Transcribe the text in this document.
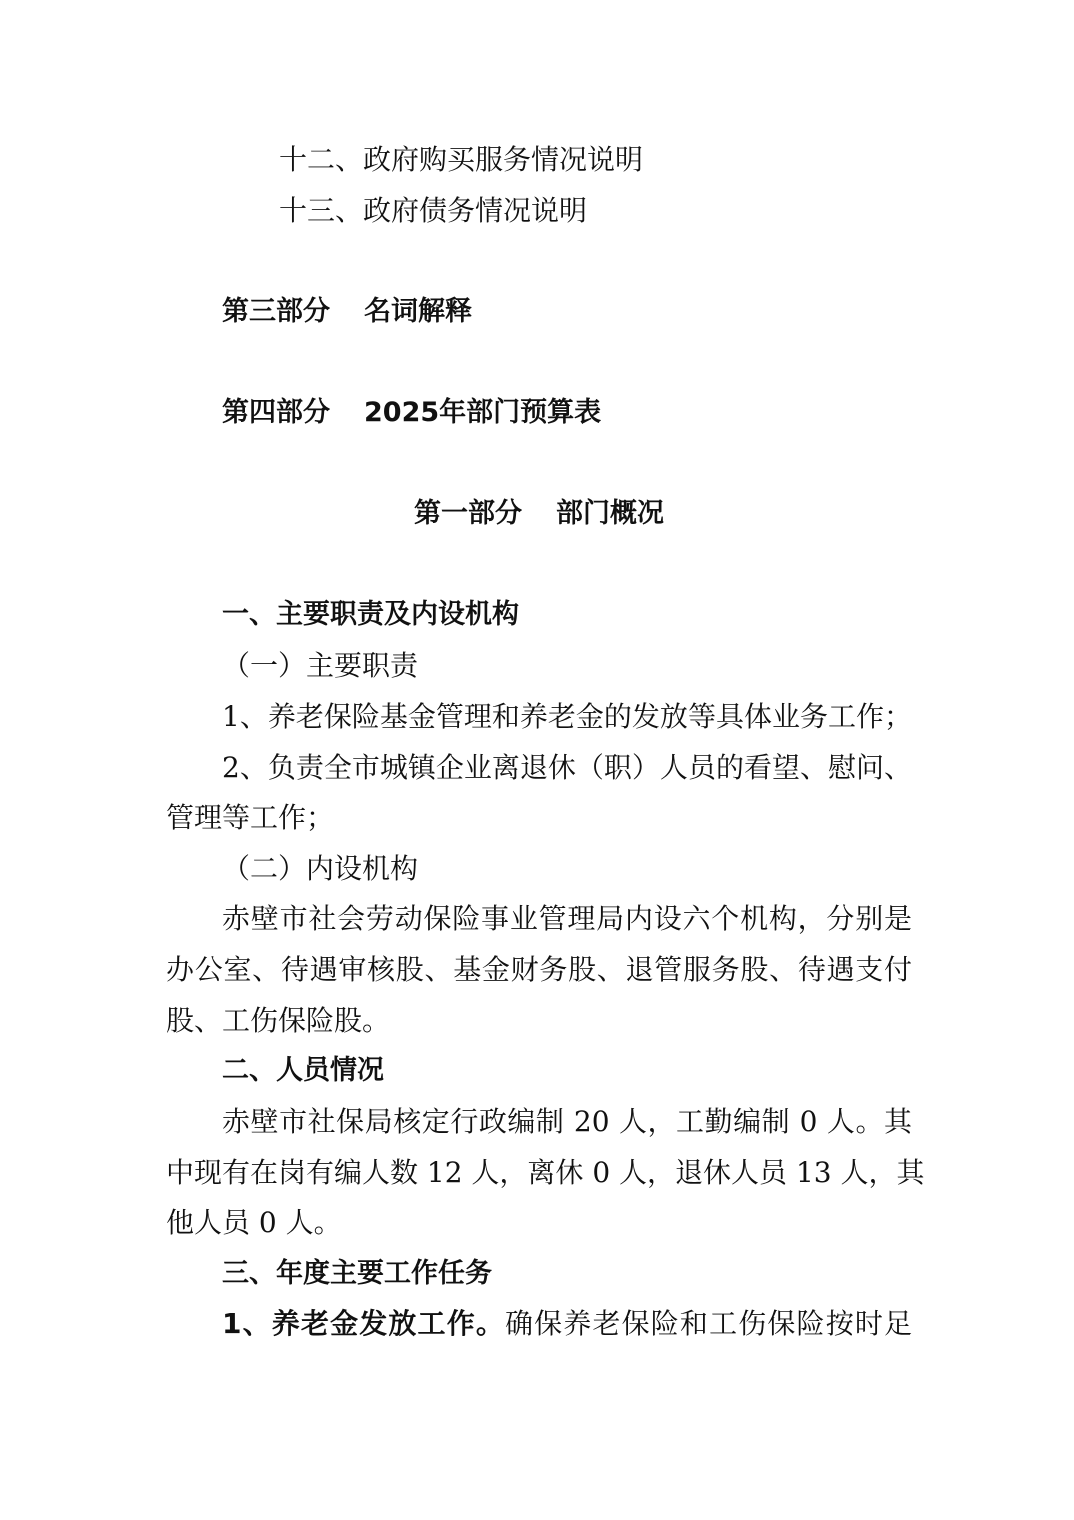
十二、政府购买服务情况说明
十三、政府债务情况说明
第三部分 名词解释
第四部分 2025年部门预算表
第一部分 部门概况
一、主要职责及内设机构
（一）主要职责
1、养老保险基金管理和养老金的发放等具体业务工作；
2、负责全市城镇企业离退休（职）人员的看望、慰问、
管理等工作；
（二）内设机构
赤壁市社会劳动保险事业管理局内设六个机构，分别是
办公室、待遇审核股、基金财务股、退管服务股、待遇支付
股、工伤保险股。
二、人员情况
赤壁市社保局核定行政编制 20 人，工勤编制 0 人。其
中现有在岗有编人数 12 人，离休 0 人，退休人员 13 人，其
他人员 0 人。
三、年度主要工作任务
1、养老金发放工作。确保养老保险和工伤保险按时足
